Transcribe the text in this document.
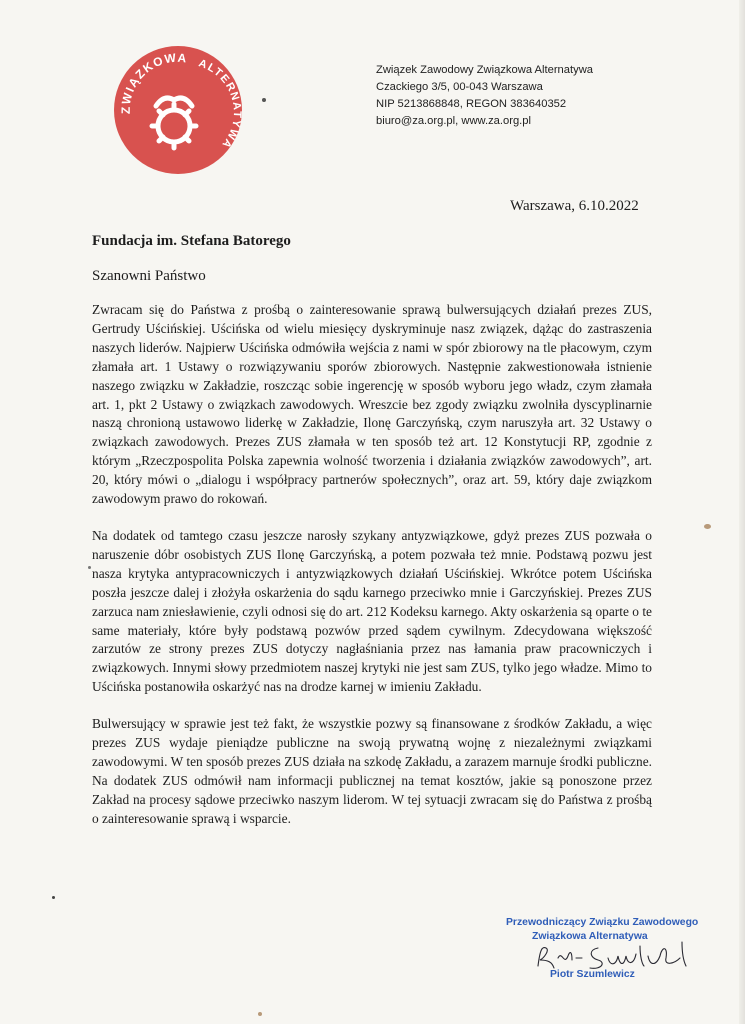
ZWIĄZKOWA ALTERNATYWA
Związek Zawodowy Związkowa Alternatywa
Czackiego 3/5, 00-043 Warszawa
NIP 5213868848, REGON 383640352
biuro@za.org.pl, www.za.org.pl
Warszawa, 6.10.2022
Fundacja im. Stefana Batorego
Szanowni Państwo

Zwracam się do Państwa z prośbą o zainteresowanie sprawą bulwersujących działań prezes ZUS, Gertrudy Uścińskiej. Uścińska od wielu miesięcy dyskryminuje nasz związek, dążąc do zastraszenia naszych liderów. Najpierw Uścińska odmówiła wejścia z nami w spór zbiorowy na tle płacowym, czym złamała art. 1 Ustawy o rozwiązywaniu sporów zbiorowych. Następnie zakwestionowała istnienie naszego związku w Zakładzie, roszcząc sobie ingerencję w sposób wyboru jego władz, czym złamała art. 1, pkt 2 Ustawy o związkach zawodowych. Wreszcie bez zgody związku zwolniła dyscyplinarnie naszą chronioną ustawowo liderkę w Zakładzie, Ilonę Garczyńską, czym naruszyła art. 32 Ustawy o związkach zawodowych. Prezes ZUS złamała w ten sposób też art. 12 Konstytucji RP, zgodnie z którym „Rzeczpospolita Polska zapewnia wolność tworzenia i działania związków zawodowych”, art. 20, który mówi o „dialogu i współpracy partnerów społecznych”, oraz art. 59, który daje związkom zawodowym prawo do rokowań.

Na dodatek od tamtego czasu jeszcze narosły szykany antyzwiązkowe, gdyż prezes ZUS pozwała o naruszenie dóbr osobistych ZUS Ilonę Garczyńską, a potem pozwała też mnie. Podstawą pozwu jest nasza krytyka antypracowniczych i antyzwiązkowych działań Uścińskiej. Wkrótce potem Uścińska poszła jeszcze dalej i złożyła oskarżenia do sądu karnego przeciwko mnie i Garczyńskiej. Prezes ZUS zarzuca nam zniesławienie, czyli odnosi się do art. 212 Kodeksu karnego. Akty oskarżenia są oparte o te same materiały, które były podstawą pozwów przed sądem cywilnym. Zdecydowana większość zarzutów ze strony prezes ZUS dotyczy nagłaśniania przez nas łamania praw pracowniczych i związkowych. Innymi słowy przedmiotem naszej krytyki nie jest sam ZUS, tylko jego władze. Mimo to Uścińska postanowiła oskarżyć nas na drodze karnej w imieniu Zakładu.

Bulwersujący w sprawie jest też fakt, że wszystkie pozwy są finansowane z środków Zakładu, a więc prezes ZUS wydaje pieniądze publiczne na swoją prywatną wojnę z niezależnymi związkami zawodowymi. W ten sposób prezes ZUS działa na szkodę Zakładu, a zarazem marnuje środki publiczne. Na dodatek ZUS odmówił nam informacji publicznej na temat kosztów, jakie są ponoszone przez Zakład na procesy sądowe przeciwko naszym liderom. W tej sytuacji zwracam się do Państwa z prośbą o zainteresowanie sprawą i wsparcie.

Przewodniczący Związku Zawodowego
Związkowa Alternatywa
Piotr Szumlewicz
